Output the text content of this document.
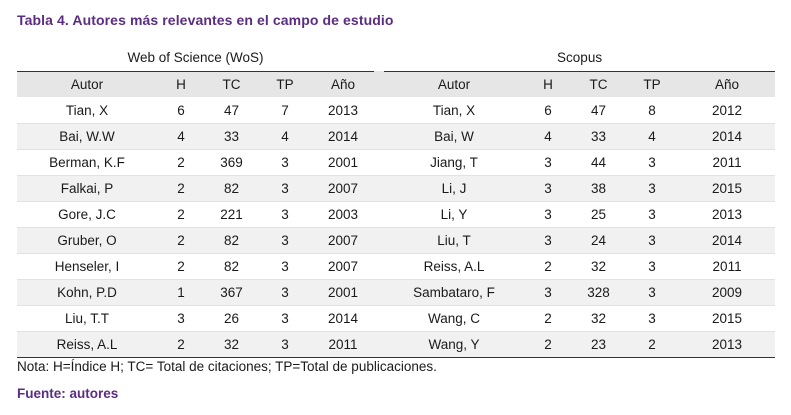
Tabla 4. Autores más relevantes en el campo de estudio
Web of Science (WoS)						Scopus				
Autor	H	TC	TP	Año		Autor	H	TC	TP	Año
Tian, X	6	47	7	2013		Tian, X	6	47	8	2012
Bai, W.W	4	33	4	2014		Bai, W	4	33	4	2014
Berman, K.F	2	369	3	2001		Jiang, T	3	44	3	2011
Falkai, P	2	82	3	2007		Li, J	3	38	3	2015
Gore, J.C	2	221	3	2003		Li, Y	3	25	3	2013
Gruber, O	2	82	3	2007		Liu, T	3	24	3	2014
Henseler, I	2	82	3	2007		Reiss, A.L	2	32	3	2011
Kohn, P.D	1	367	3	2001		Sambataro, F	3	328	3	2009
Liu, T.T	3	26	3	2014		Wang, C	2	32	3	2015
Reiss, A.L	2	32	3	2011		Wang, Y	2	23	2	2013
Nota: H=Índice H; TC= Total de citaciones; TP=Total de publicaciones.
Fuente: autores
